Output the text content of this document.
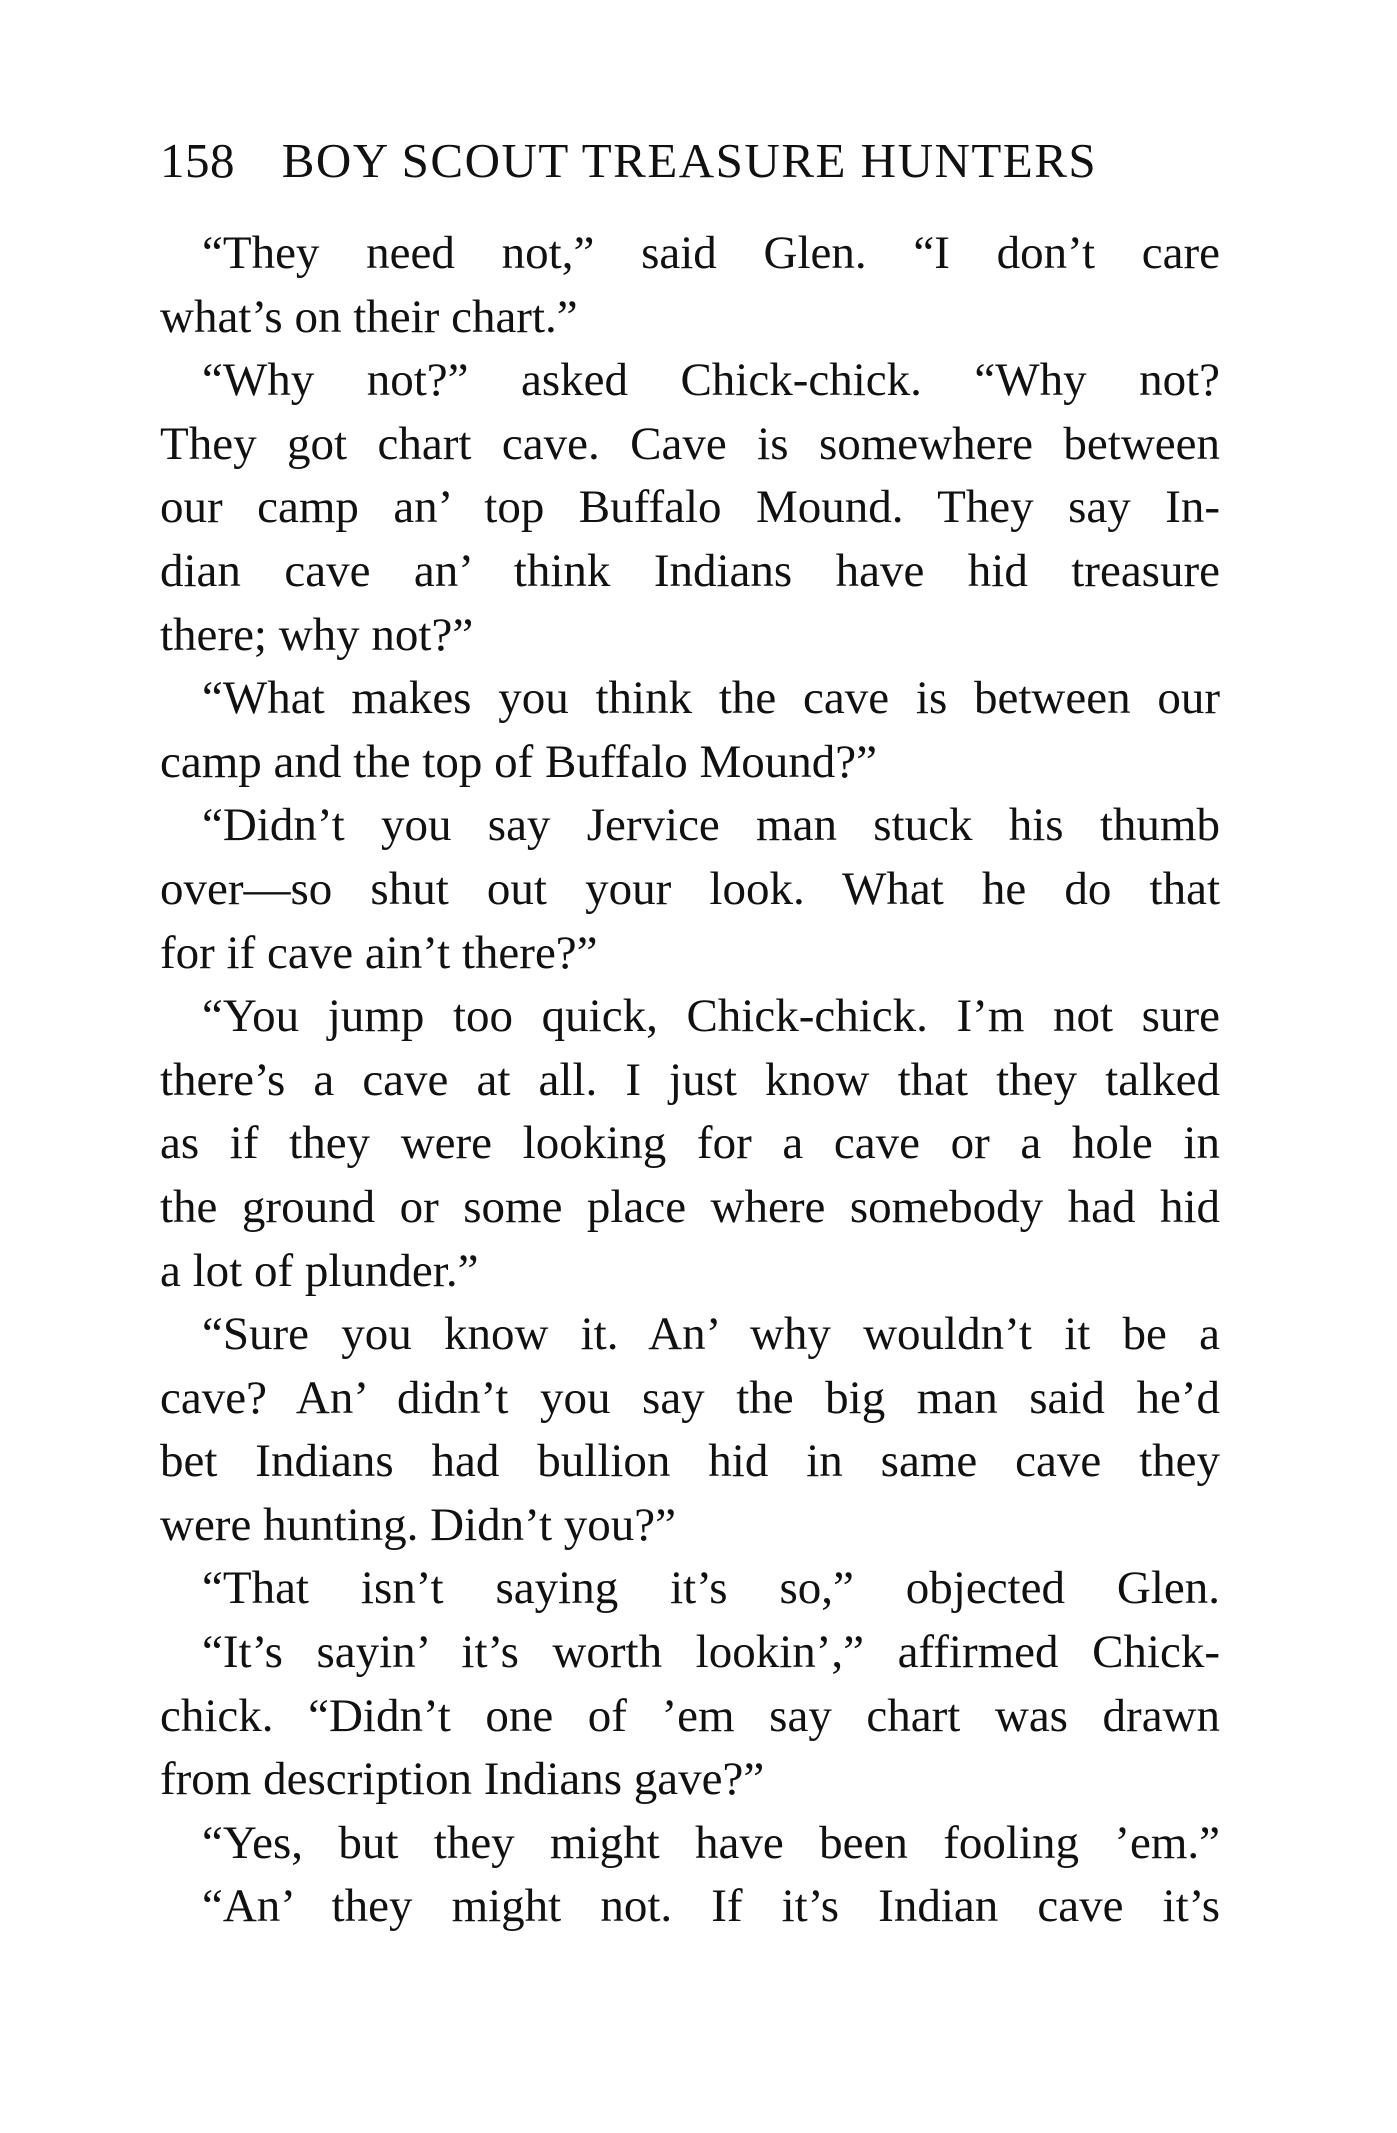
158 BOY SCOUT TREASURE HUNTERS
“They need not,” said Glen. “I don’t care
what’s on their chart.”
“Why not?” asked Chick-chick. “Why not?
They got chart cave. Cave is somewhere between
our camp an’ top Buffalo Mound. They say In-
dian cave an’ think Indians have hid treasure
there; why not?”
“What makes you think the cave is between our
camp and the top of Buffalo Mound?”
“Didn’t you say Jervice man stuck his thumb
over—so shut out your look. What he do that
for if cave ain’t there?”
“You jump too quick, Chick-chick. I’m not sure
there’s a cave at all. I just know that they talked
as if they were looking for a cave or a hole in
the ground or some place where somebody had hid
a lot of plunder.”
“Sure you know it. An’ why wouldn’t it be a
cave? An’ didn’t you say the big man said he’d
bet Indians had bullion hid in same cave they
were hunting. Didn’t you?”
“That isn’t saying it’s so,” objected Glen.
“It’s sayin’ it’s worth lookin’,” affirmed Chick-
chick. “Didn’t one of ’em say chart was drawn
from description Indians gave?”
“Yes, but they might have been fooling ’em.”
“An’ they might not. If it’s Indian cave it’s
